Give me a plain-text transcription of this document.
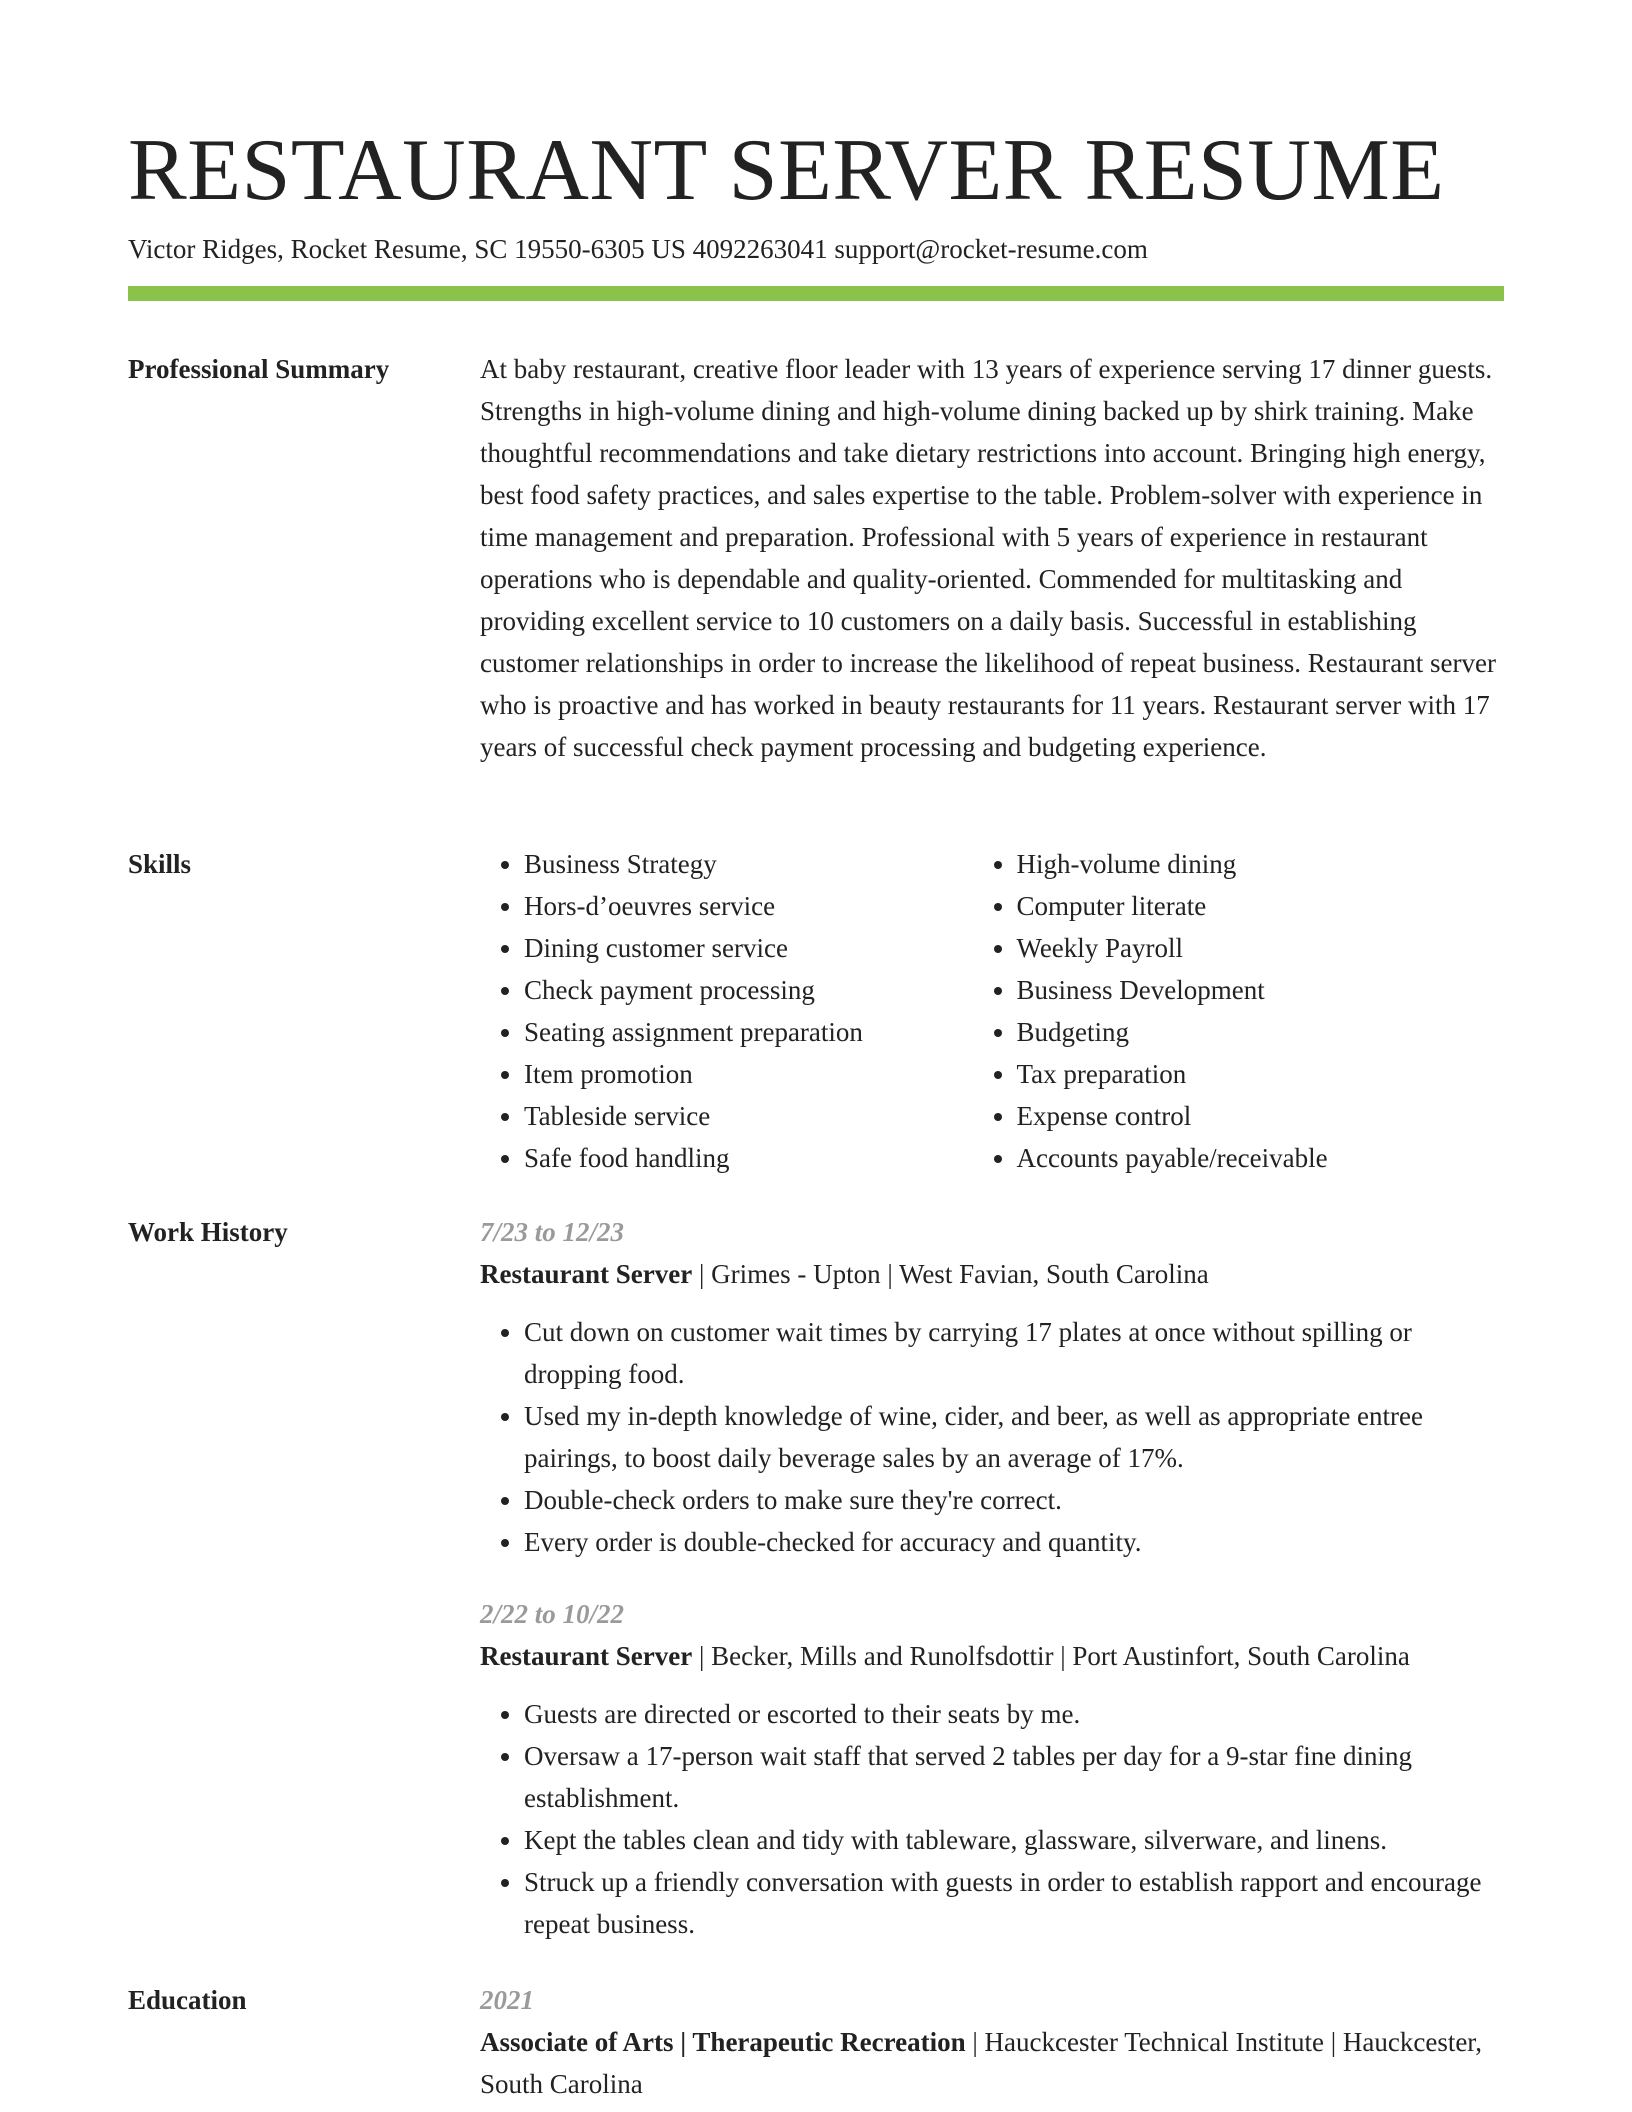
RESTAURANT SERVER RESUME
Victor Ridges, Rocket Resume, SC 19550-6305 US 4092263041 support@rocket-resume.com
Professional Summary	At baby restaurant, creative floor leader with 13 years of experience serving 17 dinner guests. Strengths in high-volume dining and high-volume dining backed up by shirk training. Make thoughtful recommendations and take dietary restrictions into account. Bringing high energy, best food safety practices, and sales expertise to the table. Problem-solver with experience in time management and preparation. Professional with 5 years of experience in restaurant operations who is dependable and quality-oriented. Commended for multitasking and providing excellent service to 10 customers on a daily basis. Successful in establishing customer relationships in order to increase the likelihood of repeat business. Restaurant server who is proactive and has worked in beauty restaurants for 11 years. Restaurant server with 17 years of successful check payment processing and budgeting experience.

Skills
•	Business Strategy
• Hors-d’oeuvres service
• Dining customer service
• Check payment processing
• Seating assignment preparation
• Item promotion
• Tableside service
• Safe food handling
• High-volume dining
• Computer literate
• Weekly Payroll
• Business Development
• Budgeting
• Tax preparation
• Expense control
• Accounts payable/receivable
Work History	7/23 to 12/23
Restaurant Server | Grimes - Upton | West Favian, South Carolina
• Cut down on customer wait times by carrying 17 plates at once without spilling or dropping food.
• Used my in-depth knowledge of wine, cider, and beer, as well as appropriate entree pairings, to boost daily beverage sales by an average of 17%.
• Double-check orders to make sure they're correct.
• Every order is double-checked for accuracy and quantity.
2/22 to 10/22
Restaurant Server | Becker, Mills and Runolfsdottir | Port Austinfort, South Carolina
• Guests are directed or escorted to their seats by me.
• Oversaw a 17-person wait staff that served 2 tables per day for a 9-star fine dining establishment.
• Kept the tables clean and tidy with tableware, glassware, silverware, and linens.
• Struck up a friendly conversation with guests in order to establish rapport and encourage repeat business.
Education	2021
Associate of Arts | Therapeutic Recreation | Hauckcester Technical Institute | Hauckcester, South Carolina
